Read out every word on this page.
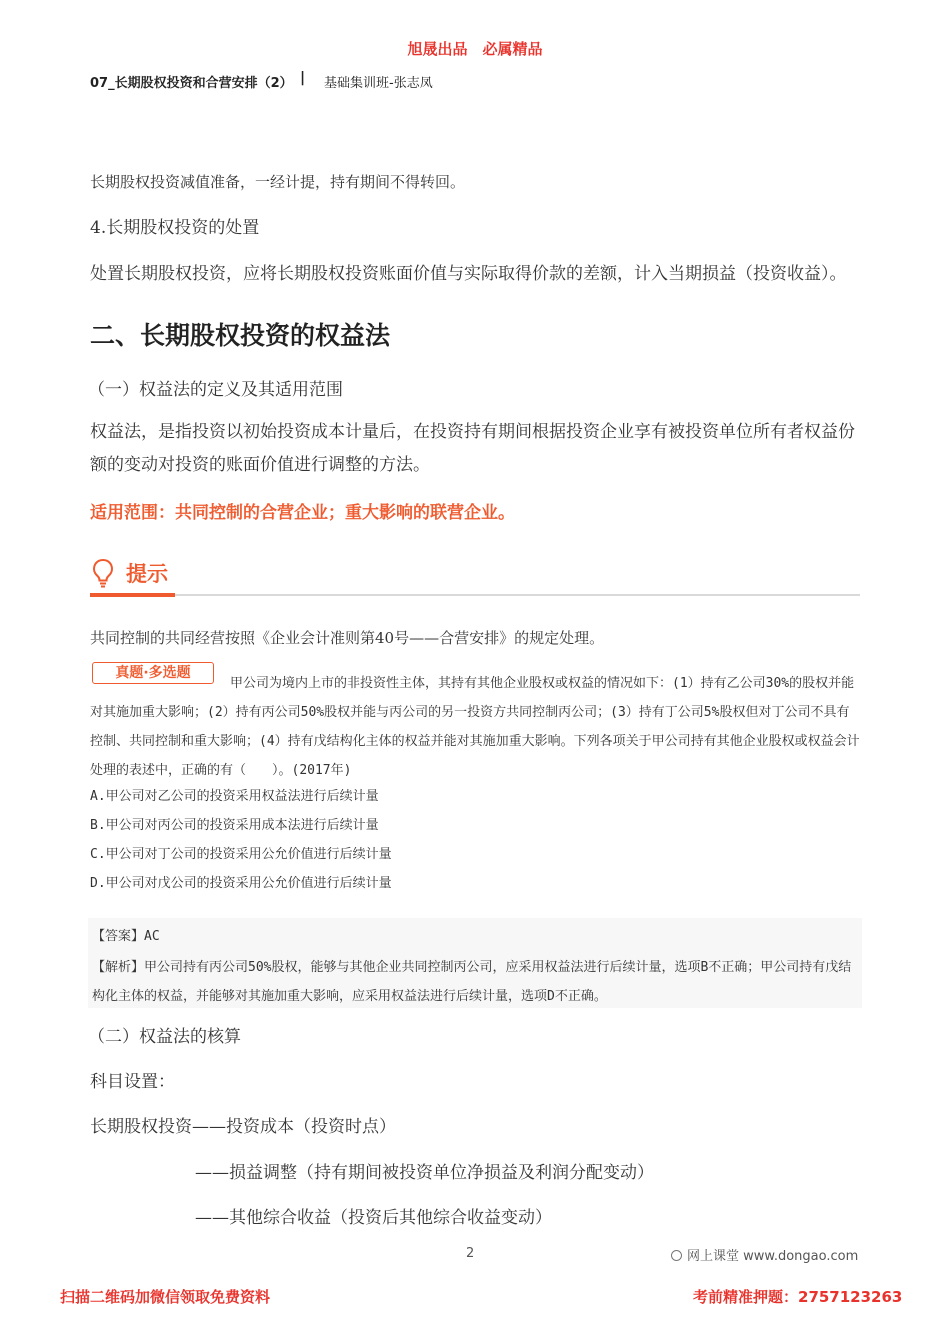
旭晟出品　必属精品
07_长期股权投资和合营安排（2） | 基础集训班-张志凤
长期股权投资减值准备，一经计提，持有期间不得转回。
4.长期股权投资的处置
处置长期股权投资，应将长期股权投资账面价值与实际取得价款的差额，计入当期损益（投资收益）。
二、长期股权投资的权益法
（一）权益法的定义及其适用范围
权益法，是指投资以初始投资成本计量后，在投资持有期间根据投资企业享有被投资单位所有者权益份额的变动对投资的账面价值进行调整的方法。
适用范围：共同控制的合营企业；重大影响的联营企业。
提示
共同控制的共同经营按照《企业会计准则第40号——合营安排》的规定处理。
真题·多选题
甲公司为境内上市的非投资性主体，其持有其他企业股权或权益的情况如下：(1）持有乙公司30%的股权并能对其施加重大影响；(2）持有丙公司50%股权并能与丙公司的另一投资方共同控制丙公司；(3）持有丁公司5%股权但对丁公司不具有控制、共同控制和重大影响；(4）持有戊结构化主体的权益并能对其施加重大影响。下列各项关于甲公司持有其他企业股权或权益会计处理的表述中，正确的有（　　）。(2017年)
A.甲公司对乙公司的投资采用权益法进行后续计量
B.甲公司对丙公司的投资采用成本法进行后续计量
C.甲公司对丁公司的投资采用公允价值进行后续计量
D.甲公司对戊公司的投资采用公允价值进行后续计量
【答案】AC
【解析】甲公司持有丙公司50%股权，能够与其他企业共同控制丙公司，应采用权益法进行后续计量，选项B不正确；甲公司持有戊结构化主体的权益，并能够对其施加重大影响，应采用权益法进行后续计量，选项D不正确。
（二）权益法的核算
科目设置：
长期股权投资——投资成本（投资时点）
——损益调整（持有期间被投资单位净损益及利润分配变动）
——其他综合收益（投资后其他综合收益变动）
2	网上课堂 www.dongao.com
扫描二维码加微信领取免费资料	考前精准押题：2757123263
